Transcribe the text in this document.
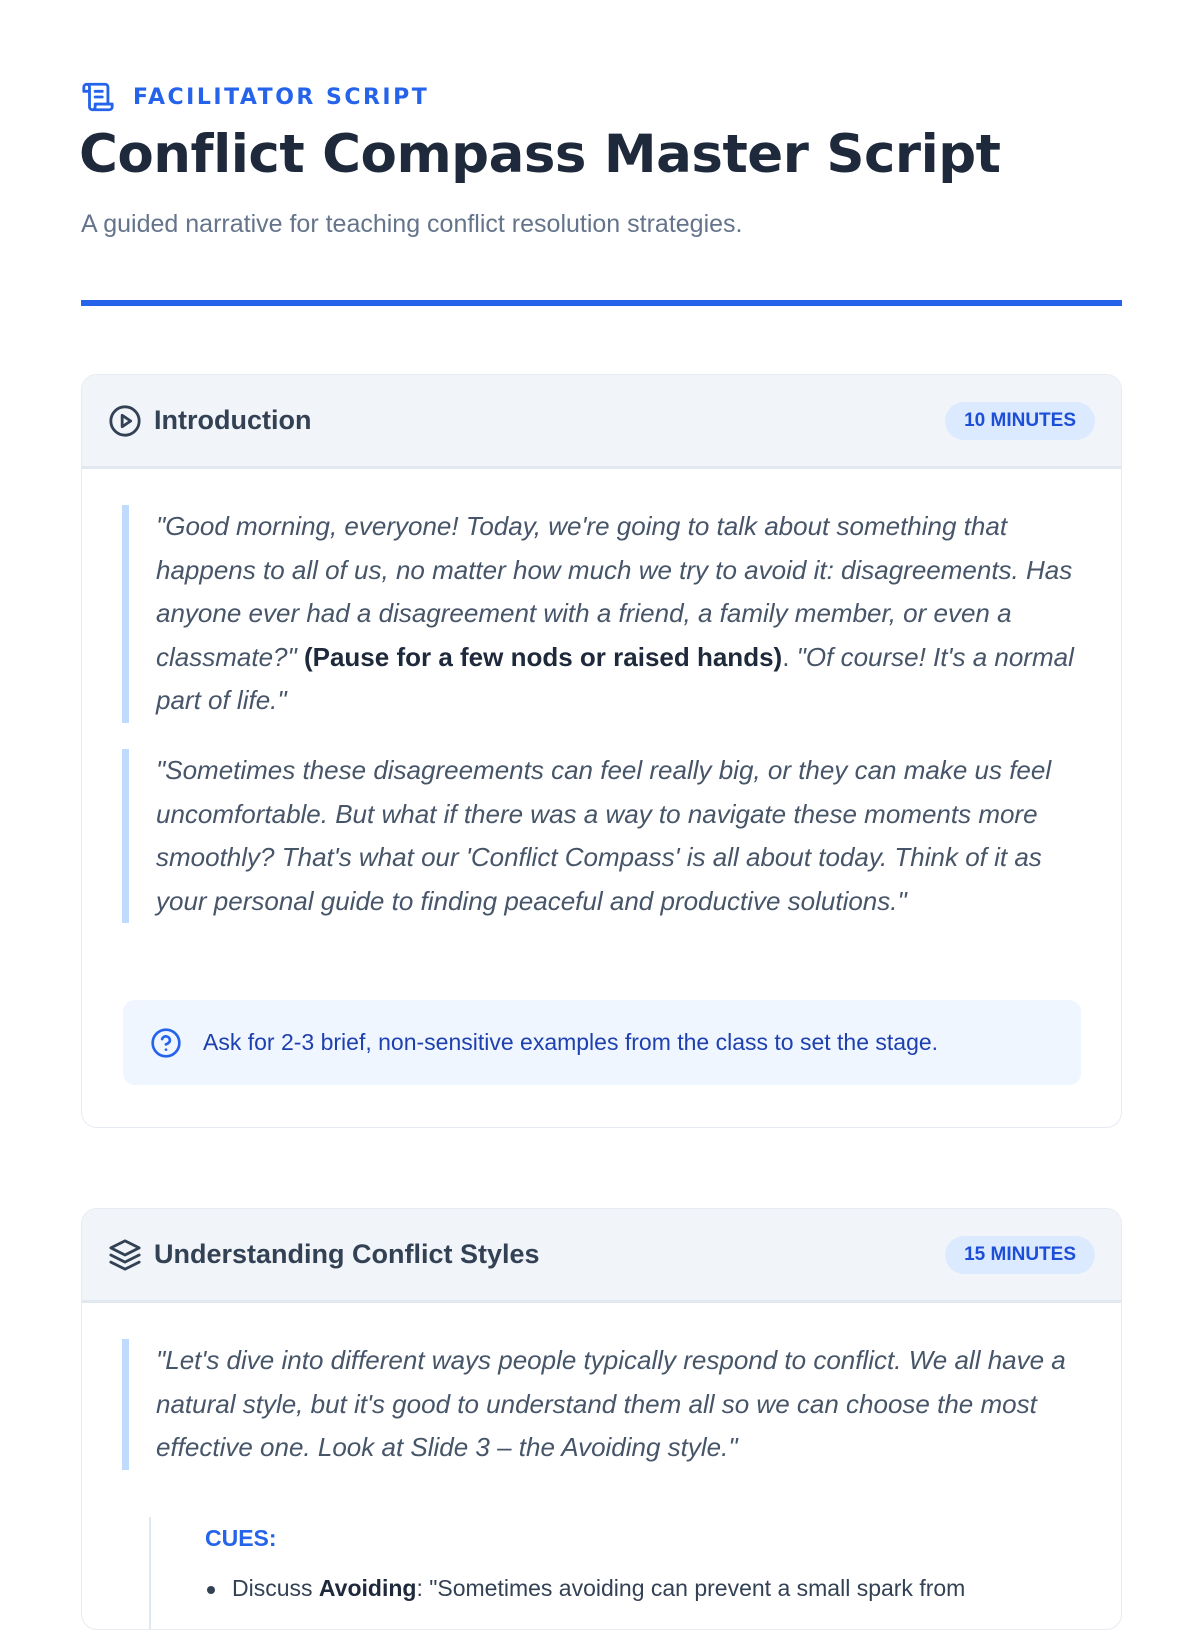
FACILITATOR SCRIPT
Conflict Compass Master Script
A guided narrative for teaching conflict resolution strategies.
Introduction	10 MINUTES
"Good morning, everyone! Today, we're going to talk about something that happens to all of us, no matter how much we try to avoid it: disagreements. Has anyone ever had a disagreement with a friend, a family member, or even a classmate?" (Pause for a few nods or raised hands). "Of course! It's a normal part of life."
"Sometimes these disagreements can feel really big, or they can make us feel uncomfortable. But what if there was a way to navigate these moments more smoothly? That's what our 'Conflict Compass' is all about today. Think of it as your personal guide to finding peaceful and productive solutions."
Ask for 2-3 brief, non-sensitive examples from the class to set the stage.
Understanding Conflict Styles	15 MINUTES
"Let's dive into different ways people typically respond to conflict. We all have a natural style, but it's good to understand them all so we can choose the most effective one. Look at Slide 3 – the Avoiding style."
CUES:
Discuss Avoiding: "Sometimes avoiding can prevent a small spark from
